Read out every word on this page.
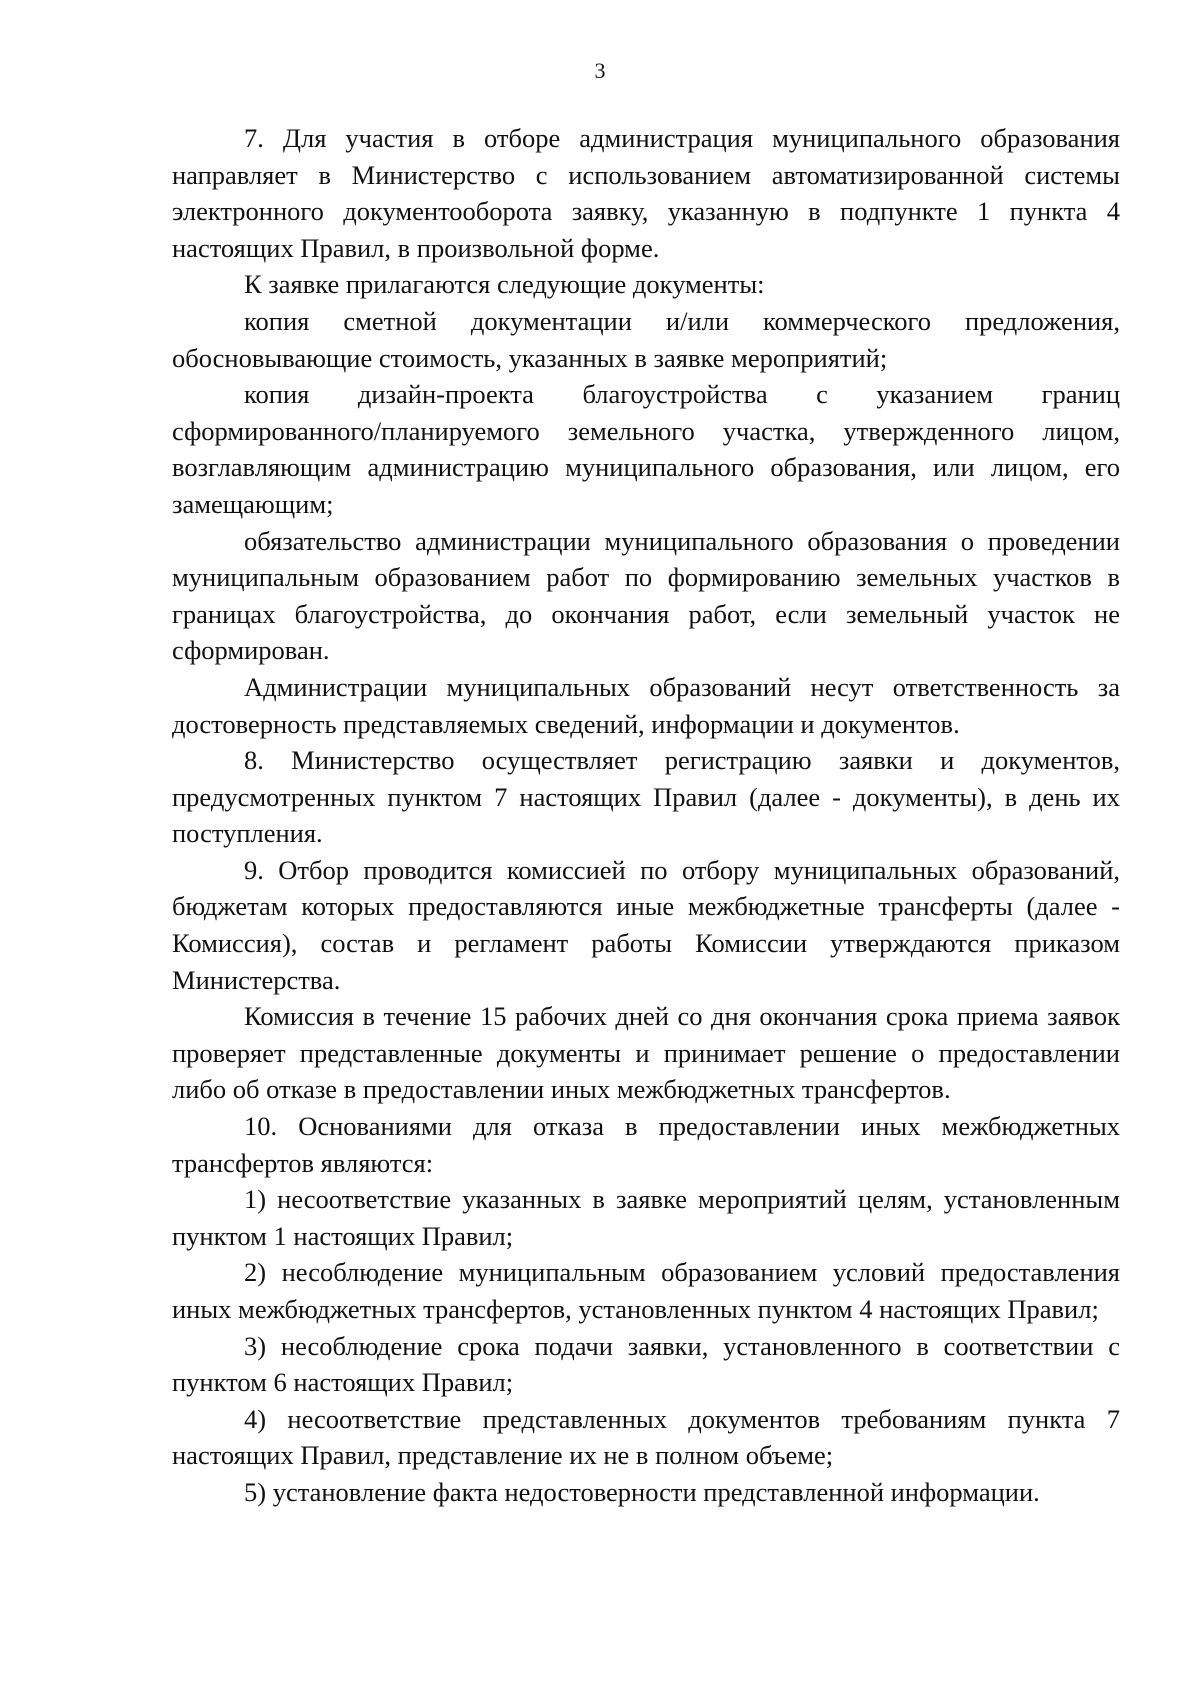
3

7. Для участия в отборе администрация муниципального образования направляет в Министерство с использованием автоматизированной системы электронного документооборота заявку, указанную в подпункте 1 пункта 4 настоящих Правил, в произвольной форме.

К заявке прилагаются следующие документы:

копия сметной документации и/или коммерческого предложения, обосновывающие стоимость, указанных в заявке мероприятий;

копия дизайн-проекта благоустройства с указанием границ сформированного/планируемого земельного участка, утвержденного лицом, возглавляющим администрацию муниципального образования, или лицом, его замещающим;

обязательство администрации муниципального образования о проведении муниципальным образованием работ по формированию земельных участков в границах благоустройства, до окончания работ, если земельный участок не сформирован.

Администрации муниципальных образований несут ответственность за достоверность представляемых сведений, информации и документов.

8. Министерство осуществляет регистрацию заявки и документов, предусмотренных пунктом 7 настоящих Правил (далее - документы), в день их поступления.

9. Отбор проводится комиссией по отбору муниципальных образований, бюджетам которых предоставляются иные межбюджетные трансферты (далее - Комиссия), состав и регламент работы Комиссии утверждаются приказом Министерства.

Комиссия в течение 15 рабочих дней со дня окончания срока приема заявок проверяет представленные документы и принимает решение о предоставлении либо об отказе в предоставлении иных межбюджетных трансфертов.

10. Основаниями для отказа в предоставлении иных межбюджетных трансфертов являются:

1) несоответствие указанных в заявке мероприятий целям, установленным пунктом 1 настоящих Правил;

2) несоблюдение муниципальным образованием условий предоставления иных межбюджетных трансфертов, установленных пунктом 4 настоящих Правил;

3) несоблюдение срока подачи заявки, установленного в соответствии с пунктом 6 настоящих Правил;

4) несоответствие представленных документов требованиям пункта 7 настоящих Правил, представление их не в полном объеме;

5) установление факта недостоверности представленной информации.
